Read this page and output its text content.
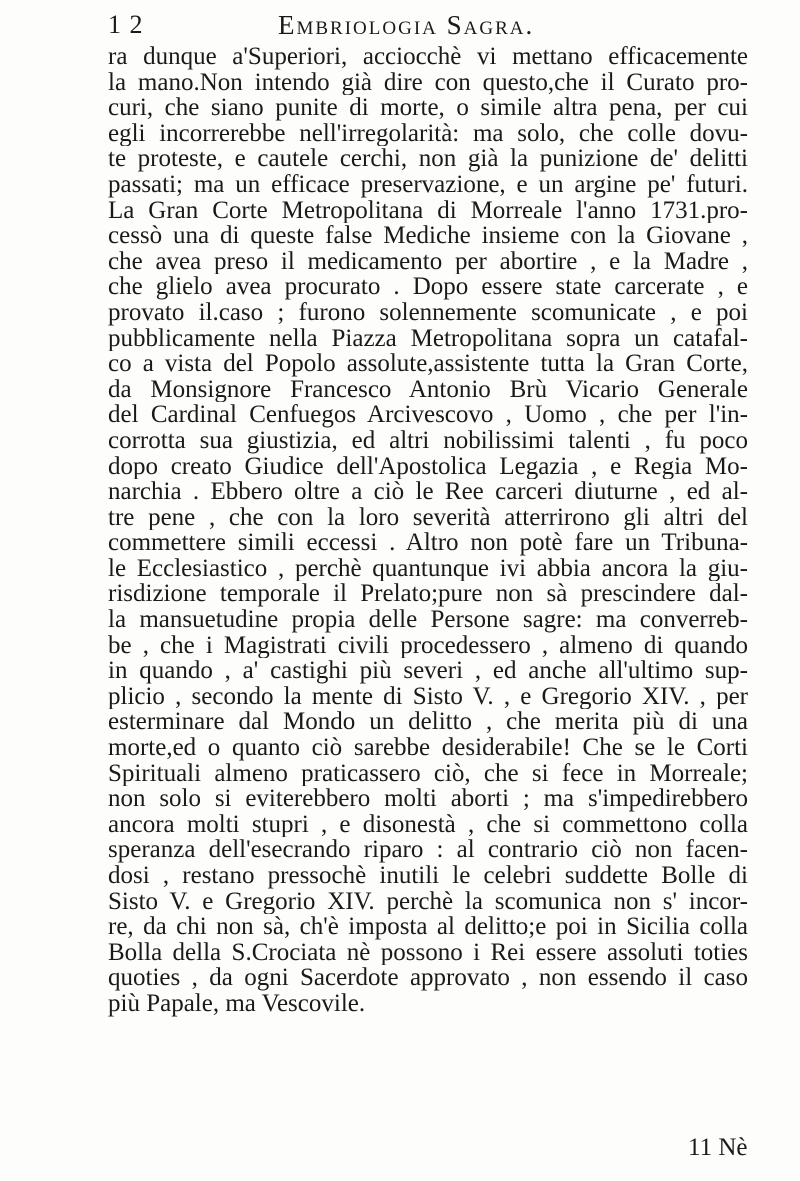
1 2	Embriologia Sagra.
ra dunque a'Superiori, acciocchè vi mettano efficacemente
la mano.Non intendo già dire con questo,che il Curato pro-
curi, che siano punite di morte, o simile altra pena, per cui
egli incorrerebbe nell'irregolarità: ma solo, che colle dovu-
te proteste, e cautele cerchi, non già la punizione de' delitti
passati; ma un efficace preservazione, e un argine pe' futuri.
La Gran Corte Metropolitana di Morreale l'anno 1731.pro-
cessò una di queste false Mediche insieme con la Giovane ,
che avea preso il medicamento per abortire , e la Madre ,
che glielo avea procurato . Dopo essere state carcerate , e
provato il.caso ; furono solennemente scomunicate , e poi
pubblicamente nella Piazza Metropolitana sopra un catafal-
co a vista del Popolo assolute,assistente tutta la Gran Corte,
da Monsignore Francesco Antonio Brù Vicario Generale
del Cardinal Cenfuegos Arcivescovo , Uomo , che per l'in-
corrotta sua giustizia, ed altri nobilissimi talenti , fu poco
dopo creato Giudice dell'Apostolica Legazia , e Regia Mo-
narchia . Ebbero oltre a ciò le Ree carceri diuturne , ed al-
tre pene , che con la loro severità atterrirono gli altri del
commettere simili eccessi . Altro non potè fare un Tribuna-
le Ecclesiastico , perchè quantunque ivi abbia ancora la giu-
risdizione temporale il Prelato;pure non sà prescindere dal-
la mansuetudine propia delle Persone sagre: ma converreb-
be , che i Magistrati civili procedessero , almeno di quando
in quando , a' castighi più severi , ed anche all'ultimo sup-
plicio , secondo la mente di Sisto V. , e Gregorio XIV. , per
esterminare dal Mondo un delitto , che merita più di una
morte,ed o quanto ciò sarebbe desiderabile! Che se le Corti
Spirituali almeno praticassero ciò, che si fece in Morreale;
non solo si eviterebbero molti aborti ; ma s'impedirebbero
ancora molti stupri , e disonestà , che si commettono colla
speranza dell'esecrando riparo : al contrario ciò non facen-
dosi , restano pressochè inutili le celebri suddette Bolle di
Sisto V. e Gregorio XIV. perchè la scomunica non s' incor-
re, da chi non sà, ch'è imposta al delitto;e poi in Sicilia colla
Bolla della S.Crociata nè possono i Rei essere assoluti toties
quoties , da ogni Sacerdote approvato , non essendo il caso
più Papale, ma Vescovile.
11 Nè
